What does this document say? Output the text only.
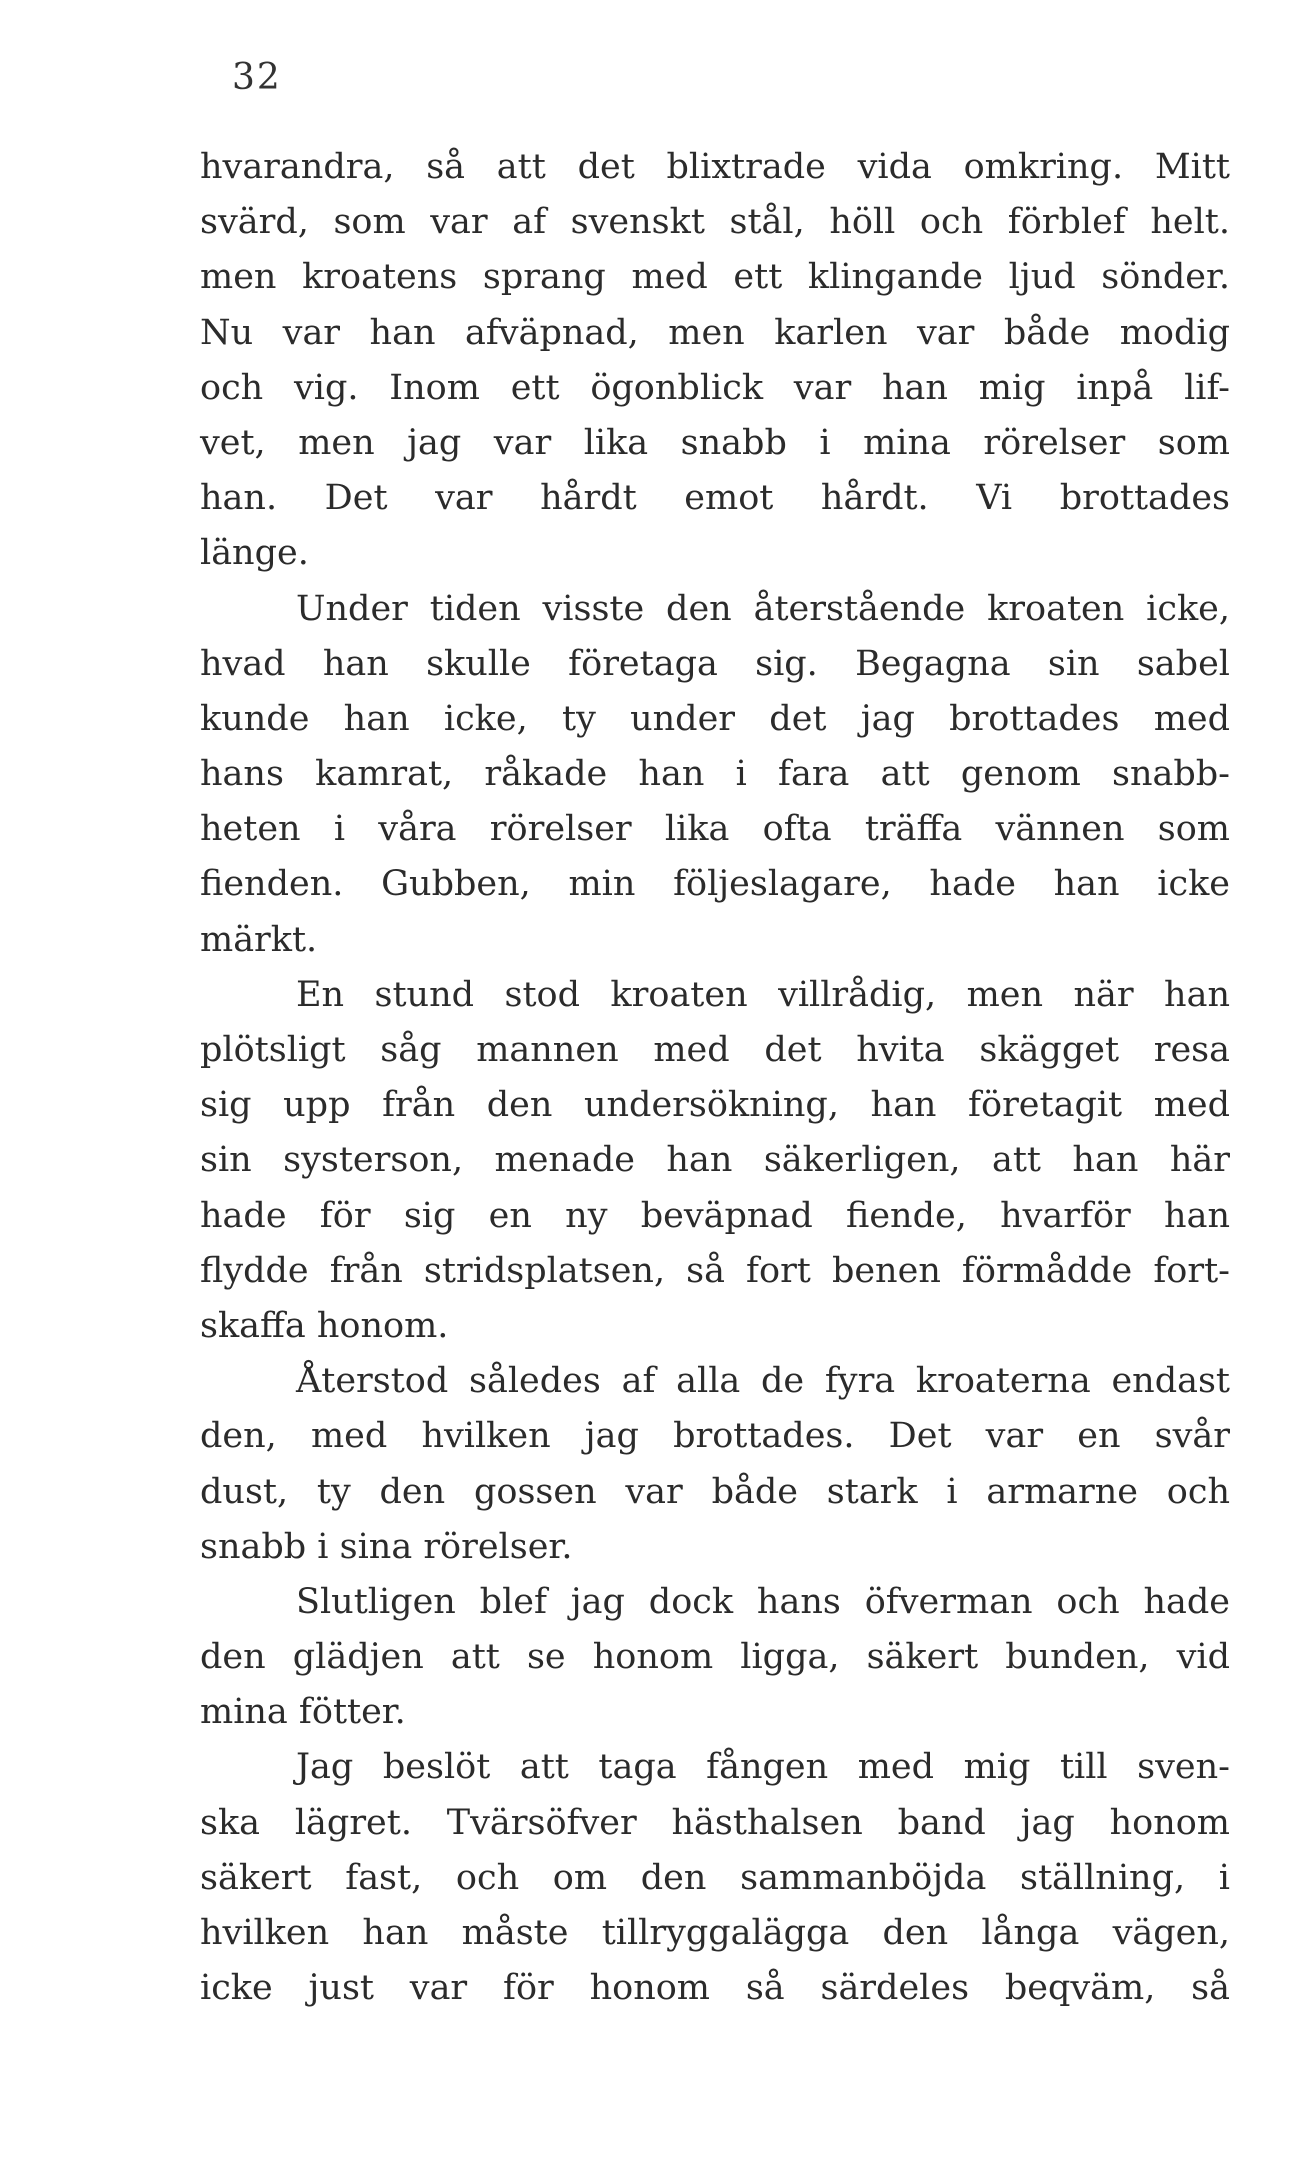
32
hvarandra, så att det blixtrade vida omkring. Mitt
svärd, som var af svenskt stål, höll och förblef helt.
men kroatens sprang med ett klingande ljud sönder.
Nu var han afväpnad, men karlen var både modig
och vig. Inom ett ögonblick var han mig inpå lif-
vet, men jag var lika snabb i mina rörelser som
han. Det var hårdt emot hårdt. Vi brottades
länge.
Under tiden visste den återstående kroaten icke,
hvad han skulle företaga sig. Begagna sin sabel
kunde han icke, ty under det jag brottades med
hans kamrat, råkade han i fara att genom snabb-
heten i våra rörelser lika ofta träffa vännen som
fienden. Gubben, min följeslagare, hade han icke
märkt.
En stund stod kroaten villrådig, men när han
plötsligt såg mannen med det hvita skägget resa
sig upp från den undersökning, han företagit med
sin systerson, menade han säkerligen, att han här
hade för sig en ny beväpnad fiende, hvarför han
flydde från stridsplatsen, så fort benen förmådde fort-
skaffa honom.
Återstod således af alla de fyra kroaterna endast
den, med hvilken jag brottades. Det var en svår
dust, ty den gossen var både stark i armarne och
snabb i sina rörelser.
Slutligen blef jag dock hans öfverman och hade
den glädjen att se honom ligga, säkert bunden, vid
mina fötter.
Jag beslöt att taga fången med mig till sven-
ska lägret. Tvärsöfver hästhalsen band jag honom
säkert fast, och om den sammanböjda ställning, i
hvilken han måste tillryggalägga den långa vägen,
icke just var för honom så särdeles beqväm, så
